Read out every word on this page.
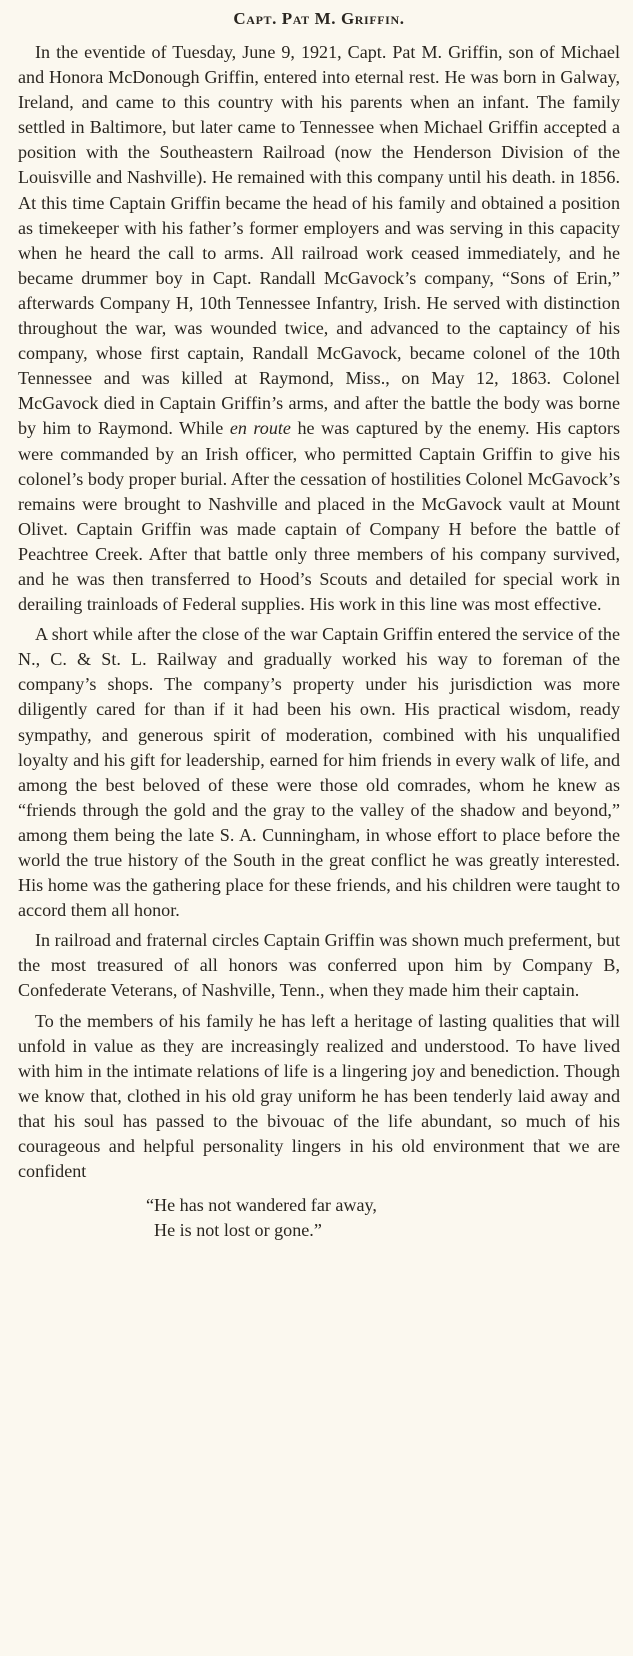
Capt. Pat M. Griffin.

In the eventide of Tuesday, June 9, 1921, Capt. Pat M. Griffin, son of Michael and Honora McDonough Griffin, entered into eternal rest. He was born in Galway, Ireland, and came to this country with his parents when an infant. The family settled in Baltimore, but later came to Tennessee when Michael Griffin accepted a position with the Southeastern Railroad (now the Henderson Division of the Louisville and Nashville). He remained with this company until his death. in 1856. At this time Captain Griffin became the head of his family and obtained a position as timekeeper with his father’s former employers and was serving in this capacity when he heard the call to arms. All railroad work ceased immediately, and he became drummer boy in Capt. Randall McGavock’s company, “Sons of Erin,” afterwards Company H, 10th Tennessee Infantry, Irish. He served with distinction throughout the war, was wounded twice, and advanced to the captaincy of his company, whose first captain, Randall McGavock, became colonel of the 10th Tennessee and was killed at Raymond, Miss., on May 12, 1863. Colonel McGavock died in Captain Griffin’s arms, and after the battle the body was borne by him to Raymond. While en route he was captured by the enemy. His captors were commanded by an Irish officer, who permitted Captain Griffin to give his colonel’s body proper burial. After the cessation of hostilities Colonel McGavock’s remains were brought to Nashville and placed in the McGavock vault at Mount Olivet. Captain Griffin was made captain of Company H before the battle of Peachtree Creek. After that battle only three members of his company survived, and he was then transferred to Hood’s Scouts and detailed for special work in derailing trainloads of Federal supplies. His work in this line was most effective.

A short while after the close of the war Captain Griffin entered the service of the N., C. & St. L. Railway and gradually worked his way to foreman of the company’s shops. The company’s property under his jurisdiction was more diligently cared for than if it had been his own. His practical wisdom, ready sympathy, and generous spirit of moderation, combined with his unqualified loyalty and his gift for leadership, earned for him friends in every walk of life, and among the best beloved of these were those old comrades, whom he knew as “friends through the gold and the gray to the valley of the shadow and beyond,” among them being the late S. A. Cunningham, in whose effort to place before the world the true history of the South in the great conflict he was greatly interested. His home was the gathering place for these friends, and his children were taught to accord them all honor.

In railroad and fraternal circles Captain Griffin was shown much preferment, but the most treasured of all honors was conferred upon him by Company B, Confederate Veterans, of Nashville, Tenn., when they made him their captain.

To the members of his family he has left a heritage of lasting qualities that will unfold in value as they are increasingly realized and understood. To have lived with him in the intimate relations of life is a lingering joy and benediction. Though we know that, clothed in his old gray uniform he has been tenderly laid away and that his soul has passed to the bivouac of the life abundant, so much of his courageous and helpful personality lingers in his old environment that we are confident

“He has not wandered far away,
He is not lost or gone.”
